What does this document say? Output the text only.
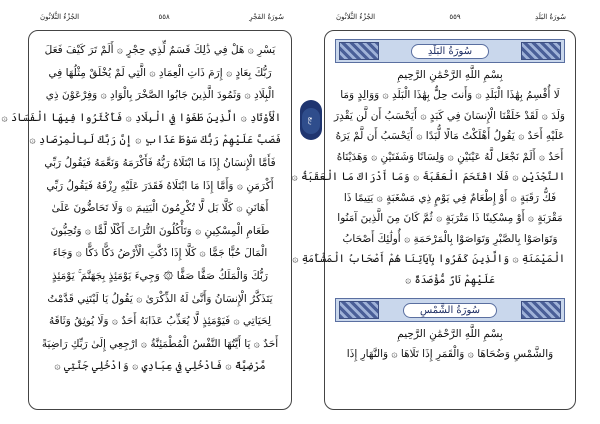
الجُزْءُ الثَّلاثُونَ	٥٥٨	سُورَةُ الفَجْرِ	الجُزْءُ الثَّلاثُونَ	٥٥٩	سُورَةُ البَلَدِ
يَسْرِ ۞ هَلْ فِي ذَٰلِكَ قَسَمٌ لِّذِي حِجْرٍ ۞ أَلَمْ تَرَ كَيْفَ فَعَلَ
رَبُّكَ بِعَادٍ ۞ إِرَمَ ذَاتِ الْعِمَادِ ۞ الَّتِي لَمْ يُخْلَقْ مِثْلُهَا فِي
الْبِلَادِ ۞ وَثَمُودَ الَّذِينَ جَابُوا الصَّخْرَ بِالْوَادِ ۞ وَفِرْعَوْنَ ذِي
الْأَوْتَادِ ۞ الَّذِينَ طَغَوْا فِي الْبِلَادِ ۞ فَأَكْثَرُوا فِيهَا الْفَسَادَ ۞
فَصَبَّ عَلَيْهِمْ رَبُّكَ سَوْطَ عَذَابٍ ۞ إِنَّ رَبَّكَ لَبِالْمِرْصَادِ ۞
فَأَمَّا الْإِنسَانُ إِذَا مَا ابْتَلَاهُ رَبُّهُ فَأَكْرَمَهُ وَنَعَّمَهُ فَيَقُولُ رَبِّي
أَكْرَمَنِ ۞ وَأَمَّا إِذَا مَا ابْتَلَاهُ فَقَدَرَ عَلَيْهِ رِزْقَهُ فَيَقُولُ رَبِّي
أَهَانَنِ ۞ كَلَّا بَل لَّا تُكْرِمُونَ الْيَتِيمَ ۞ وَلَا تَحَاضُّونَ عَلَىٰ
طَعَامِ الْمِسْكِينِ ۞ وَتَأْكُلُونَ التُّرَاثَ أَكْلًا لَّمًّا ۞ وَتُحِبُّونَ
الْمَالَ حُبًّا جَمًّا ۞ كَلَّا إِذَا دُكَّتِ الْأَرْضُ دَكًّا دَكًّا ۞ وَجَاءَ
رَبُّكَ وَالْمَلَكُ صَفًّا صَفًّا ۞ وَجِيءَ يَوْمَئِذٍ بِجَهَنَّمَ ۚ يَوْمَئِذٍ
يَتَذَكَّرُ الْإِنسَانُ وَأَنَّىٰ لَهُ الذِّكْرَىٰ ۞ يَقُولُ يَا لَيْتَنِي قَدَّمْتُ
لِحَيَاتِي ۞ فَيَوْمَئِذٍ لَّا يُعَذِّبُ عَذَابَهُ أَحَدٌ ۞ وَلَا يُوثِقُ وَثَاقَهُ
أَحَدٌ ۞ يَا أَيَّتُهَا النَّفْسُ الْمُطْمَئِنَّةُ ۞ ارْجِعِي إِلَىٰ رَبِّكِ رَاضِيَةً
مَّرْضِيَّةً ۞ فَادْخُلِي فِي عِبَادِي ۞ وَادْخُلِي جَنَّتِي ۞
ربع
سُورَةُ البَلَدِ
بِسْمِ اللَّهِ الرَّحْمَٰنِ الرَّحِيمِ
لَا أُقْسِمُ بِهَٰذَا الْبَلَدِ ۞ وَأَنتَ حِلٌّ بِهَٰذَا الْبَلَدِ ۞ وَوَالِدٍ وَمَا
وَلَدَ ۞ لَقَدْ خَلَقْنَا الْإِنسَانَ فِي كَبَدٍ ۞ أَيَحْسَبُ أَن لَّن يَقْدِرَ
عَلَيْهِ أَحَدٌ ۞ يَقُولُ أَهْلَكْتُ مَالًا لُّبَدًا ۞ أَيَحْسَبُ أَن لَّمْ يَرَهُ
أَحَدٌ ۞ أَلَمْ نَجْعَل لَّهُ عَيْنَيْنِ ۞ وَلِسَانًا وَشَفَتَيْنِ ۞ وَهَدَيْنَاهُ
النَّجْدَيْنِ ۞ فَلَا اقْتَحَمَ الْعَقَبَةَ ۞ وَمَا أَدْرَاكَ مَا الْعَقَبَةُ ۞
فَكُّ رَقَبَةٍ ۞ أَوْ إِطْعَامٌ فِي يَوْمٍ ذِي مَسْغَبَةٍ ۞ يَتِيمًا ذَا
مَقْرَبَةٍ ۞ أَوْ مِسْكِينًا ذَا مَتْرَبَةٍ ۞ ثُمَّ كَانَ مِنَ الَّذِينَ آمَنُوا
وَتَوَاصَوْا بِالصَّبْرِ وَتَوَاصَوْا بِالْمَرْحَمَةِ ۞ أُولَٰئِكَ أَصْحَابُ
الْمَيْمَنَةِ ۞ وَالَّذِينَ كَفَرُوا بِآيَاتِنَا هُمْ أَصْحَابُ الْمَشْأَمَةِ ۞
عَلَيْهِمْ نَارٌ مُّؤْصَدَةٌ ۞
سُورَةُ الشَّمْسِ
بِسْمِ اللَّهِ الرَّحْمَٰنِ الرَّحِيمِ
وَالشَّمْسِ وَضُحَاهَا ۞ وَالْقَمَرِ إِذَا تَلَاهَا ۞ وَالنَّهَارِ إِذَا
